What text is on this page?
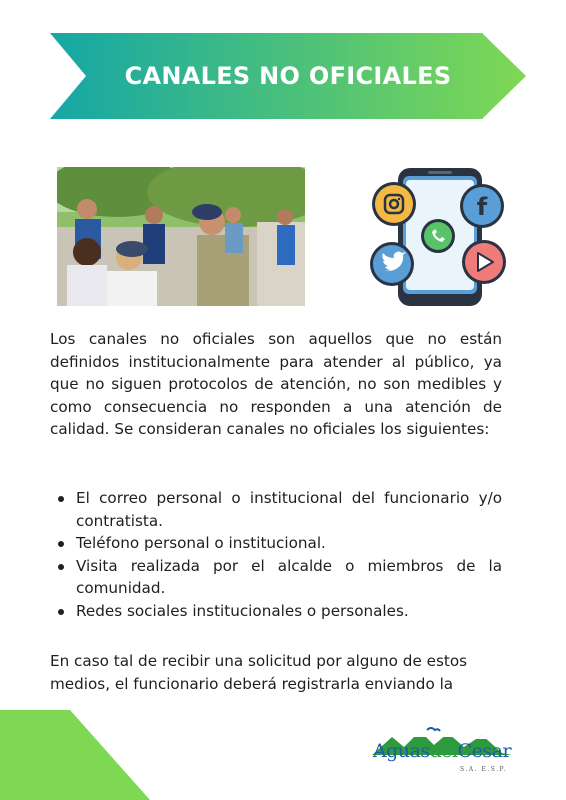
CANALES NO OFICIALES
f

Los canales no oficiales son aquellos que no están definidos institucionalmente para atender al público, ya que no siguen protocolos de atención, no son medibles y como consecuencia no responden a una atención de calidad. Se consideran canales no oficiales los siguientes:

El correo personal o institucional del funcionario y/o contratista.
Teléfono personal o institucional.
Visita realizada por el alcalde o miembros de la comunidad.
Redes sociales institucionales o personales.

En caso tal de recibir una solicitud por alguno de estos medios, el funcionario deberá registrarla enviando la

AguasdelCesar
S.A. E.S.P.
